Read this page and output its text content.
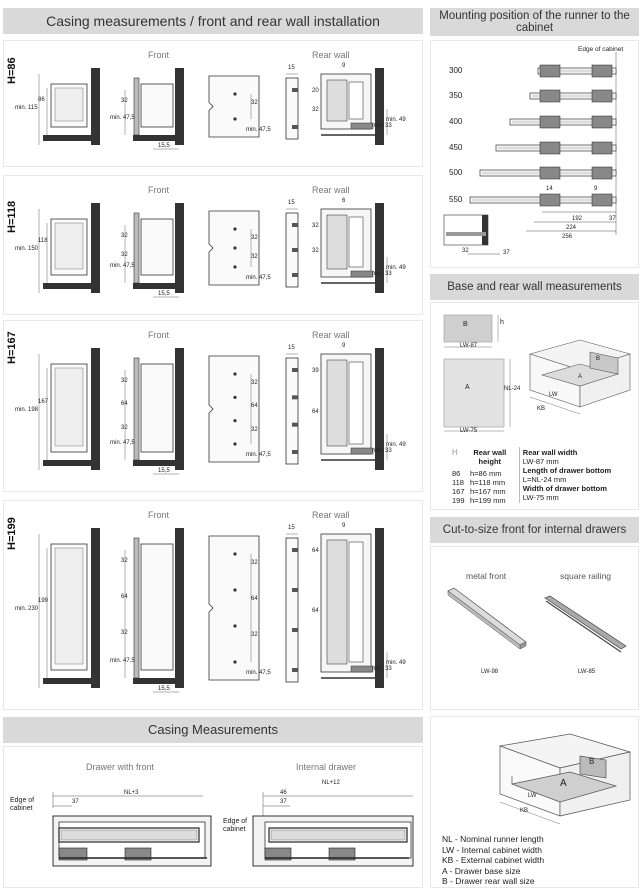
Casing measurements / front and rear wall installation
H=86
Front	Rear wall
min. 115
86
min. 47,5
15,5
32
32
min. 47,5
15	9
20
32
min. 33
min. 49
H=118
Front	Rear wall
min. 150
118
min. 47,5
15,5
32
32
32
32
min. 47,5
15	6
32
32
min. 33
min. 49
H=167	Front	Rear wall
min. 198
167
min. 47,5
15,5
32
32
64
64
32
32
min. 47,5
15	9
39
64
min. 33
min. 49
H=199
Front	Rear wall
min. 230
199
min. 47,5
15,5
32
32
64
64
32
32
min. 47,5
15	9
64
64
min. 33
min. 49
Mounting position of the runner to the cabinet
Edge of cabinet
300
350
400
450
500
550
14	9
192	37
224
256
37
32
Base and rear wall measurements
B	h
LW-87
A	NL-24
LW-75
B
A
LW
KB
H	Rear wall height	
Rear wall width
LW-87 mm
Length of drawer bottom
L=NL-24 mm
Width of drawer bottom
LW-75 mm
86 h=86 mm
118 h=118 mm
167 h=167 mm
199 h=199 mm
Cut-to-size front for internal drawers
metal front	square railing
LW-98	LW-85
B
A
LW
KB
NL - Nominal runner length
LW - Internal cabinet width
KB - External cabinet width
A - Drawer base size
B - Drawer rear wall size
Casing Measurements
Drawer with front	Internal drawer
NL+3
37
Edge of cabinet
NL+12
46
37
Edge of cabinet
